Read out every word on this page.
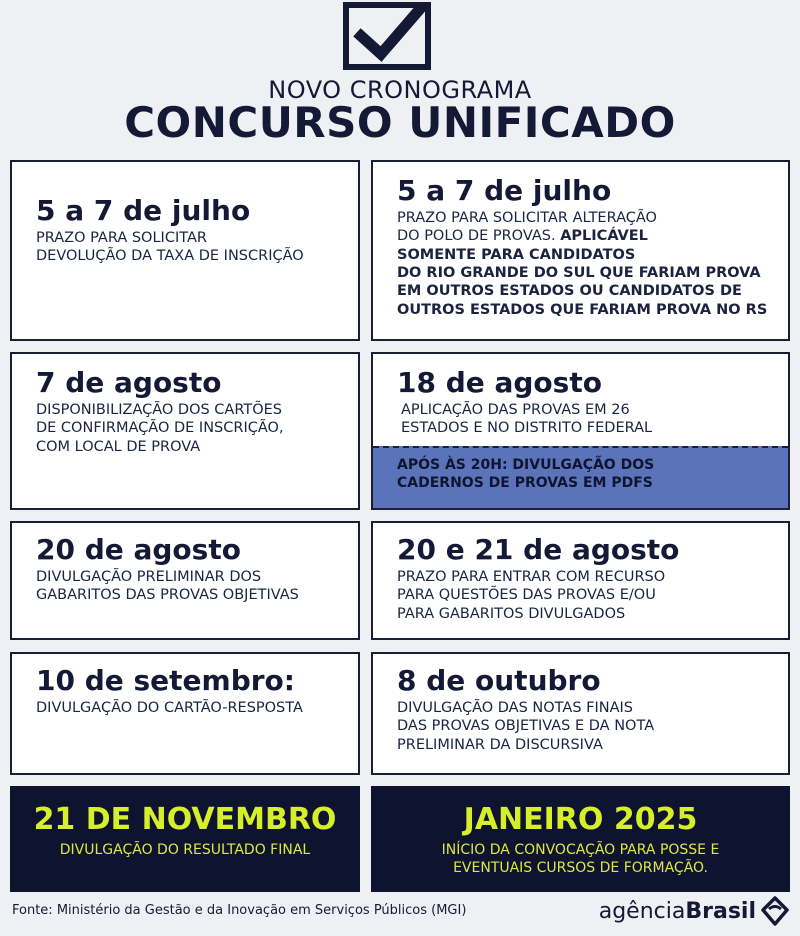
NOVO CRONOGRAMA
CONCURSO UNIFICADO
5 a 7 de julho
PRAZO PARA SOLICITAR
DEVOLUÇÃO DA TAXA DE INSCRIÇÃO
5 a 7 de julho
PRAZO PARA SOLICITAR ALTERAÇÃO
DO POLO DE PROVAS. APLICÁVEL
SOMENTE PARA CANDIDATOS
DO RIO GRANDE DO SUL QUE FARIAM PROVA
EM OUTROS ESTADOS OU CANDIDATOS DE
OUTROS ESTADOS QUE FARIAM PROVA NO RS
7 de agosto
DISPONIBILIZAÇÃO DOS CARTÕES
DE CONFIRMAÇÃO DE INSCRIÇÃO,
COM LOCAL DE PROVA
18 de agosto
APLICAÇÃO DAS PROVAS EM 26
ESTADOS E NO DISTRITO FEDERAL
APÓS ÀS 20H: DIVULGAÇÃO DOS
CADERNOS DE PROVAS EM PDFS
20 de agosto
DIVULGAÇÃO PRELIMINAR DOS
GABARITOS DAS PROVAS OBJETIVAS
20 e 21 de agosto
PRAZO PARA ENTRAR COM RECURSO
PARA QUESTÕES DAS PROVAS E/OU
PARA GABARITOS DIVULGADOS
10 de setembro:
DIVULGAÇÃO DO CARTÃO-RESPOSTA
8 de outubro
DIVULGAÇÃO DAS NOTAS FINAIS
DAS PROVAS OBJETIVAS E DA NOTA
PRELIMINAR DA DISCURSIVA
21 DE NOVEMBRO
DIVULGAÇÃO DO RESULTADO FINAL
JANEIRO 2025
INÍCIO DA CONVOCAÇÃO PARA POSSE E
EVENTUAIS CURSOS DE FORMAÇÃO.
Fonte: Ministério da Gestão e da Inovação em Serviços Públicos (MGI)	agência Brasil
